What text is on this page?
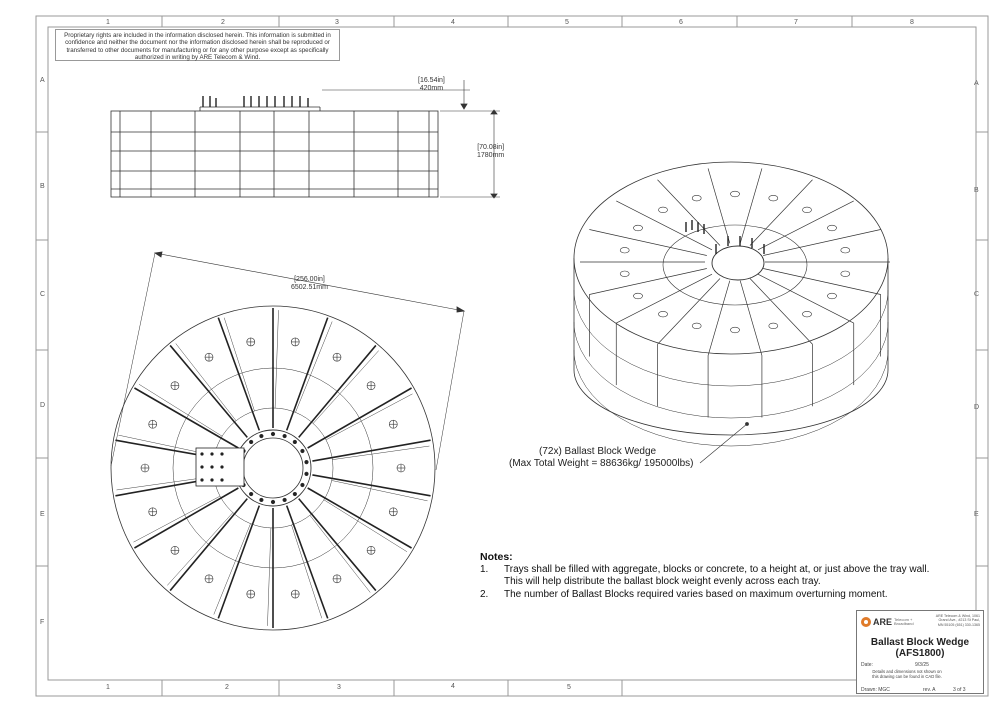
1	2	3	4	5	6	7	8
1	2	3	4	5
A
B
C
D
E
F
A
B
C
D
E
Proprietary rights are included in the information disclosed herein. This information is submitted in confidence and neither the document nor the information disclosed herein shall be reproduced or transferred to other documents for manufacturing or for any other purpose except as specifically authorized in writing by ARE Telecom & Wind.
[16.54in]
420mm
[70.08in]
1780mm
[256.00in]
6502.51mm
(72x) Ballast Block Wedge
(Max Total Weight = 88636kg/ 195000lbs)
Notes:
1.	Trays shall be filled with aggregate, blocks or concrete, to a height at, or just above the tray wall.
This will help distribute the ballast block weight evenly across each tray.
2.	The number of Ballast Blocks required varies based on maximum overturning moment.
ARE Telecom +
Broadband
ARE Telecom & Wind, 1061 Grand Ave., #213 St Paul, MN 55105 (651) 330-1365
Ballast Block Wedge
(AFS1800)
Date:	9/3/25
Details and dimensions not shown on this drawing can be found in CAD file.
Drawn: MGC	rev. A	3 of 3
